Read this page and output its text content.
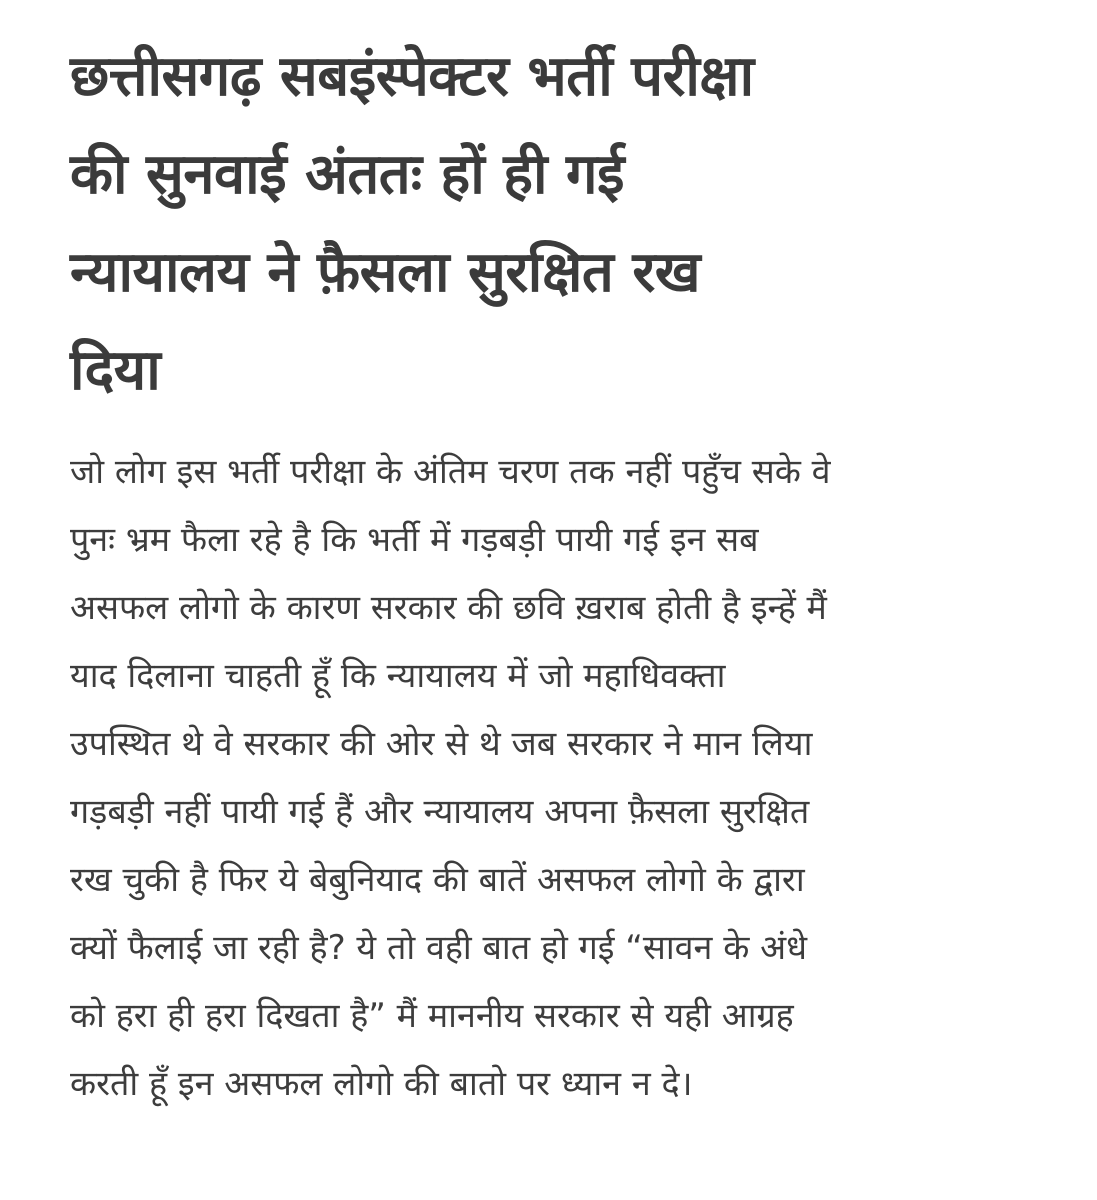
छत्तीसगढ़ सबइंस्पेक्टर भर्ती परीक्षा
की सुनवाई अंततः हों ही गई
न्यायालय ने फ़ैसला सुरक्षित रख
दिया

जो लोग इस भर्ती परीक्षा के अंतिम चरण तक नहीं पहुँच सके वे
पुनः भ्रम फैला रहे है कि भर्ती में गड़बड़ी पायी गई इन सब
असफल लोगो के कारण सरकार की छवि ख़राब होती है इन्हें मैं
याद दिलाना चाहती हूँ कि न्यायालय में जो महाधिवक्ता
उपस्थित थे वे सरकार की ओर से थे जब सरकार ने मान लिया
गड़बड़ी नहीं पायी गई हैं और न्यायालय अपना फ़ैसला सुरक्षित
रख चुकी है फिर ये बेबुनियाद की बातें असफल लोगो के द्वारा
क्यों फैलाई जा रही है? ये तो वही बात हो गई “सावन के अंधे
को हरा ही हरा दिखता है” मैं माननीय सरकार से यही आग्रह
करती हूँ इन असफल लोगो की बातो पर ध्यान न दे।
